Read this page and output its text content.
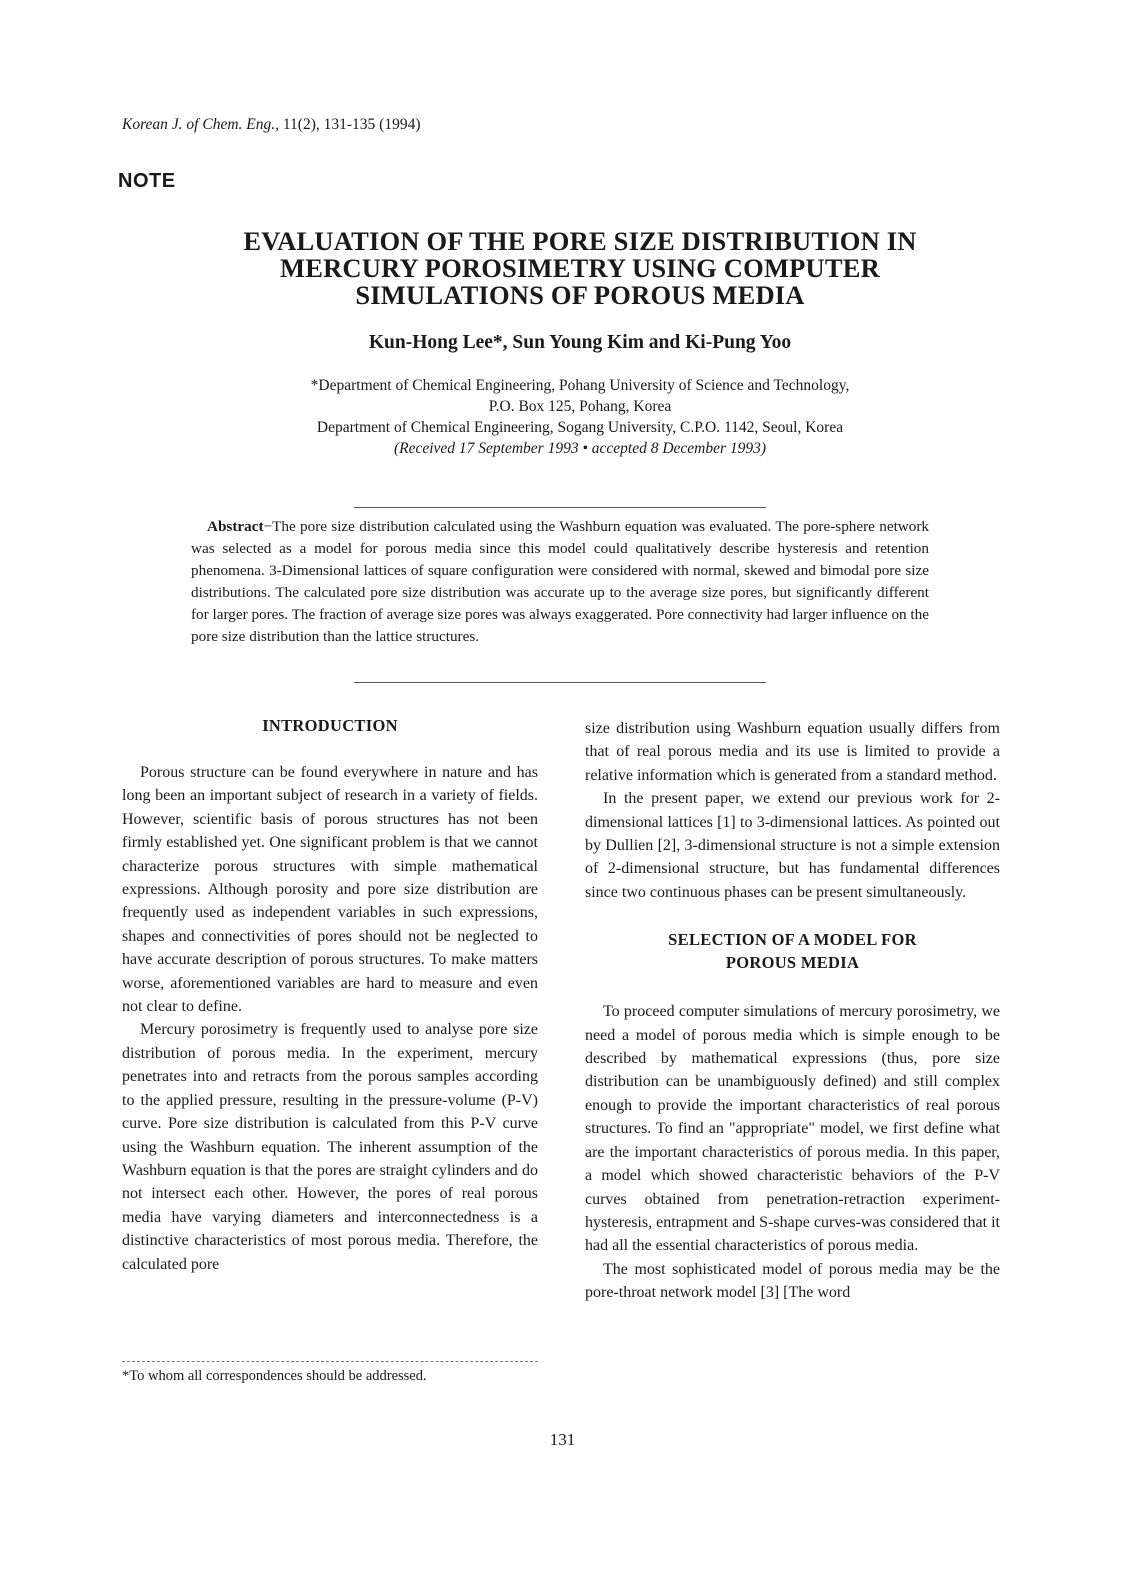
Korean J. of Chem. Eng., 11(2), 131-135 (1994)
NOTE
EVALUATION OF THE PORE SIZE DISTRIBUTION IN
MERCURY POROSIMETRY USING COMPUTER
SIMULATIONS OF POROUS MEDIA
Kun-Hong Lee*, Sun Young Kim and Ki-Pung Yoo
*Department of Chemical Engineering, Pohang University of Science and Technology,
P.O. Box 125, Pohang, Korea
Department of Chemical Engineering, Sogang University, C.P.O. 1142, Seoul, Korea
(Received 17 September 1993 • accepted 8 December 1993)
Abstract−The pore size distribution calculated using the Washburn equation was evaluated. The pore-sphere network was selected as a model for porous media since this model could qualitatively describe hysteresis and retention phenomena. 3-Dimensional lattices of square configuration were considered with normal, skewed and bimodal pore size distributions. The calculated pore size distribution was accurate up to the average size pores, but significantly different for larger pores. The fraction of average size pores was always exaggerated. Pore connectivity had larger influence on the pore size distribution than the lattice structures.
INTRODUCTION

Porous structure can be found everywhere in nature and has long been an important subject of research in a variety of fields. However, scientific basis of porous structures has not been firmly established yet. One significant problem is that we cannot characterize porous structures with simple mathematical expressions. Although porosity and pore size distribution are frequently used as independent variables in such expressions, shapes and connectivities of pores should not be neglected to have accurate description of porous structures. To make matters worse, aforementioned variables are hard to measure and even not clear to define.

Mercury porosimetry is frequently used to analyse pore size distribution of porous media. In the experiment, mercury penetrates into and retracts from the porous samples according to the applied pressure, resulting in the pressure-volume (P-V) curve. Pore size distribution is calculated from this P-V curve using the Washburn equation. The inherent assumption of the Washburn equation is that the pores are straight cylinders and do not intersect each other. However, the pores of real porous media have varying diameters and interconnectedness is a distinctive characteristics of most porous media. Therefore, the calculated pore

size distribution using Washburn equation usually differs from that of real porous media and its use is limited to provide a relative information which is generated from a standard method.

In the present paper, we extend our previous work for 2-dimensional lattices [1] to 3-dimensional lattices. As pointed out by Dullien [2], 3-dimensional structure is not a simple extension of 2-dimensional structure, but has fundamental differences since two continuous phases can be present simultaneously.

SELECTION OF A MODEL FOR
POROUS MEDIA

To proceed computer simulations of mercury porosimetry, we need a model of porous media which is simple enough to be described by mathematical expressions (thus, pore size distribution can be unambiguously defined) and still complex enough to provide the important characteristics of real porous structures. To find an "appropriate" model, we first define what are the important characteristics of porous media. In this paper, a model which showed characteristic behaviors of the P-V curves obtained from penetration-retraction experiment-hysteresis, entrapment and S-shape curves-was considered that it had all the essential characteristics of porous media.

The most sophisticated model of porous media may be the pore-throat network model [3] [The word

*To whom all correspondences should be addressed.
131
